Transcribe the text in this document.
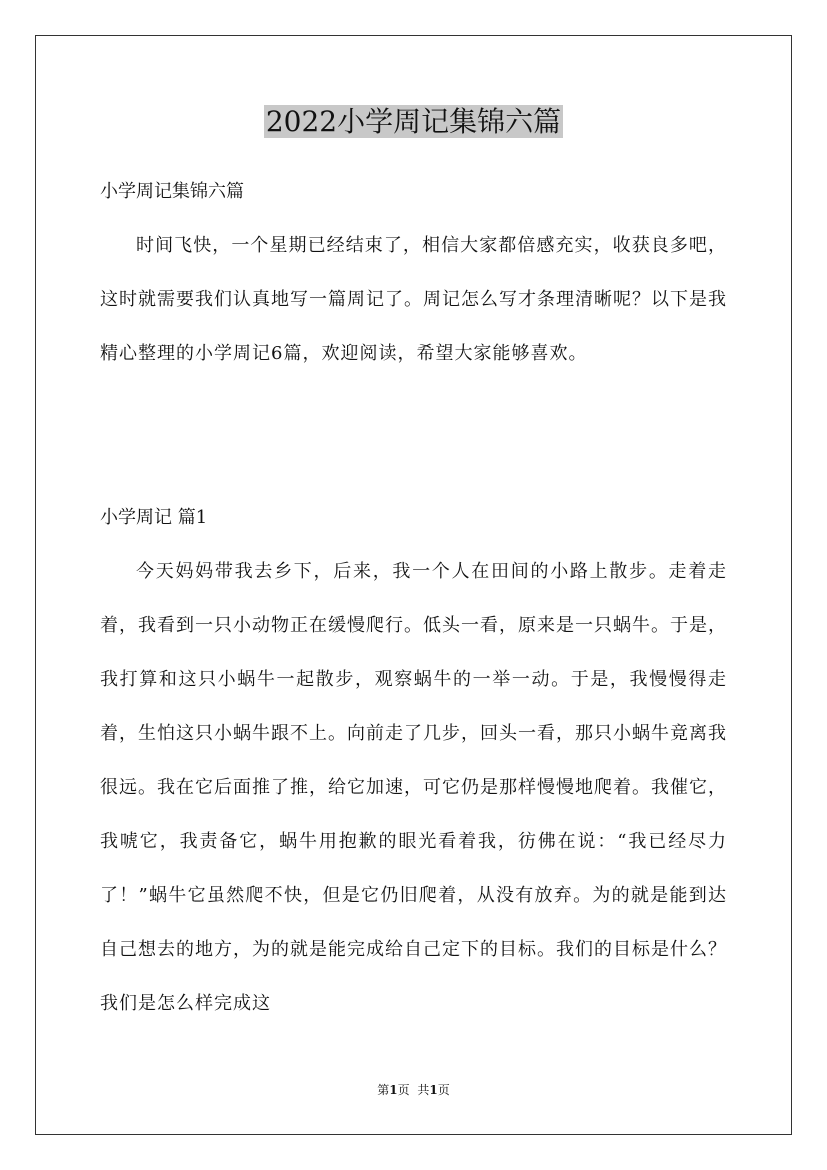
2022小学周记集锦六篇

小学周记集锦六篇

时间飞快，一个星期已经结束了，相信大家都倍感充实，收获良多吧，这时就需要我们认真地写一篇周记了。周记怎么写才条理清晰呢？以下是我精心整理的小学周记6篇，欢迎阅读，希望大家能够喜欢。

小学周记 篇1

今天妈妈带我去乡下，后来，我一个人在田间的小路上散步。走着走着，我看到一只小动物正在缓慢爬行。低头一看，原来是一只蜗牛。于是，我打算和这只小蜗牛一起散步，观察蜗牛的一举一动。于是，我慢慢得走着，生怕这只小蜗牛跟不上。向前走了几步，回头一看，那只小蜗牛竟离我很远。我在它后面推了推，给它加速，可它仍是那样慢慢地爬着。我催它，我唬它，我责备它，蜗牛用抱歉的眼光看着我，彷佛在说：“我已经尽力了！”蜗牛它虽然爬不快，但是它仍旧爬着，从没有放弃。为的就是能到达自己想去的地方，为的就是能完成给自己定下的目标。我们的目标是什么？我们是怎么样完成这

第1页 共1页
